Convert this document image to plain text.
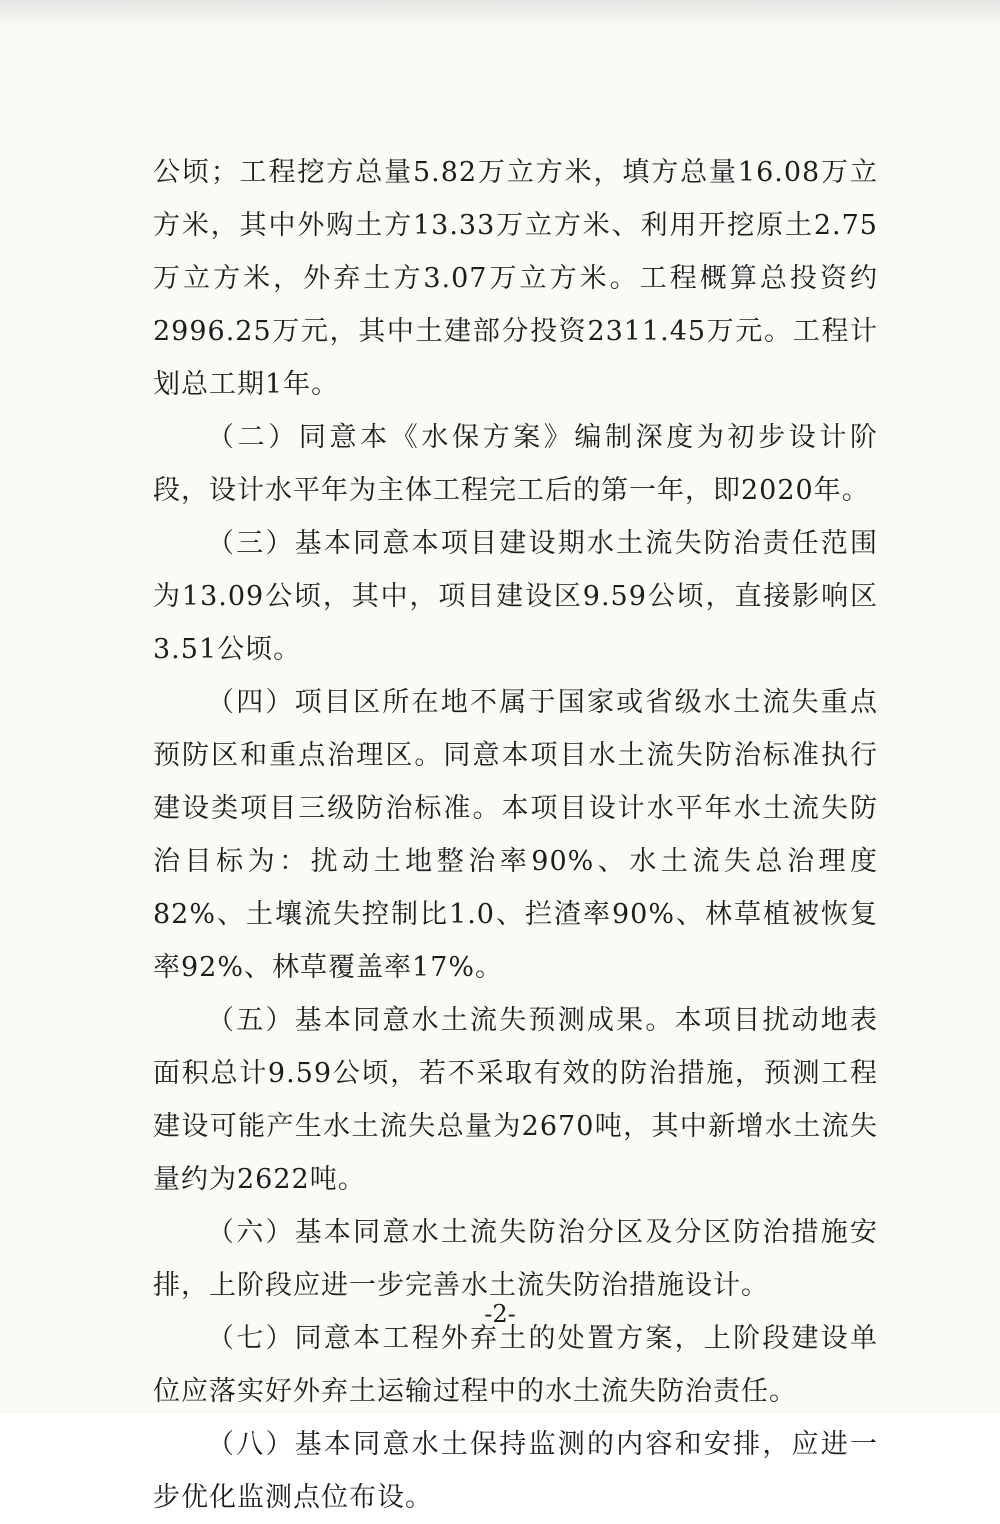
公顷；工程挖方总量5.82万立方米，填方总量16.08万立方米，其中外购土方13.33万立方米、利用开挖原土2.75万立方米，外弃土方3.07万立方米。工程概算总投资约2996.25万元，其中土建部分投资2311.45万元。工程计划总工期1年。

（二）同意本《水保方案》编制深度为初步设计阶段，设计水平年为主体工程完工后的第一年，即2020年。

（三）基本同意本项目建设期水土流失防治责任范围为13.09公顷，其中，项目建设区9.59公顷，直接影响区3.51公顷。

（四）项目区所在地不属于国家或省级水土流失重点预防区和重点治理区。同意本项目水土流失防治标准执行建设类项目三级防治标准。本项目设计水平年水土流失防治目标为：扰动土地整治率90%、水土流失总治理度82%、土壤流失控制比1.0、拦渣率90%、林草植被恢复率92%、林草覆盖率17%。

（五）基本同意水土流失预测成果。本项目扰动地表面积总计9.59公顷，若不采取有效的防治措施，预测工程建设可能产生水土流失总量为2670吨，其中新增水土流失量约为2622吨。

（六）基本同意水土流失防治分区及分区防治措施安排，上阶段应进一步完善水土流失防治措施设计。

（七）同意本工程外弃土的处置方案，上阶段建设单位应落实好外弃土运输过程中的水土流失防治责任。

（八）基本同意水土保持监测的内容和安排，应进一步优化监测点位布设。

-2-
